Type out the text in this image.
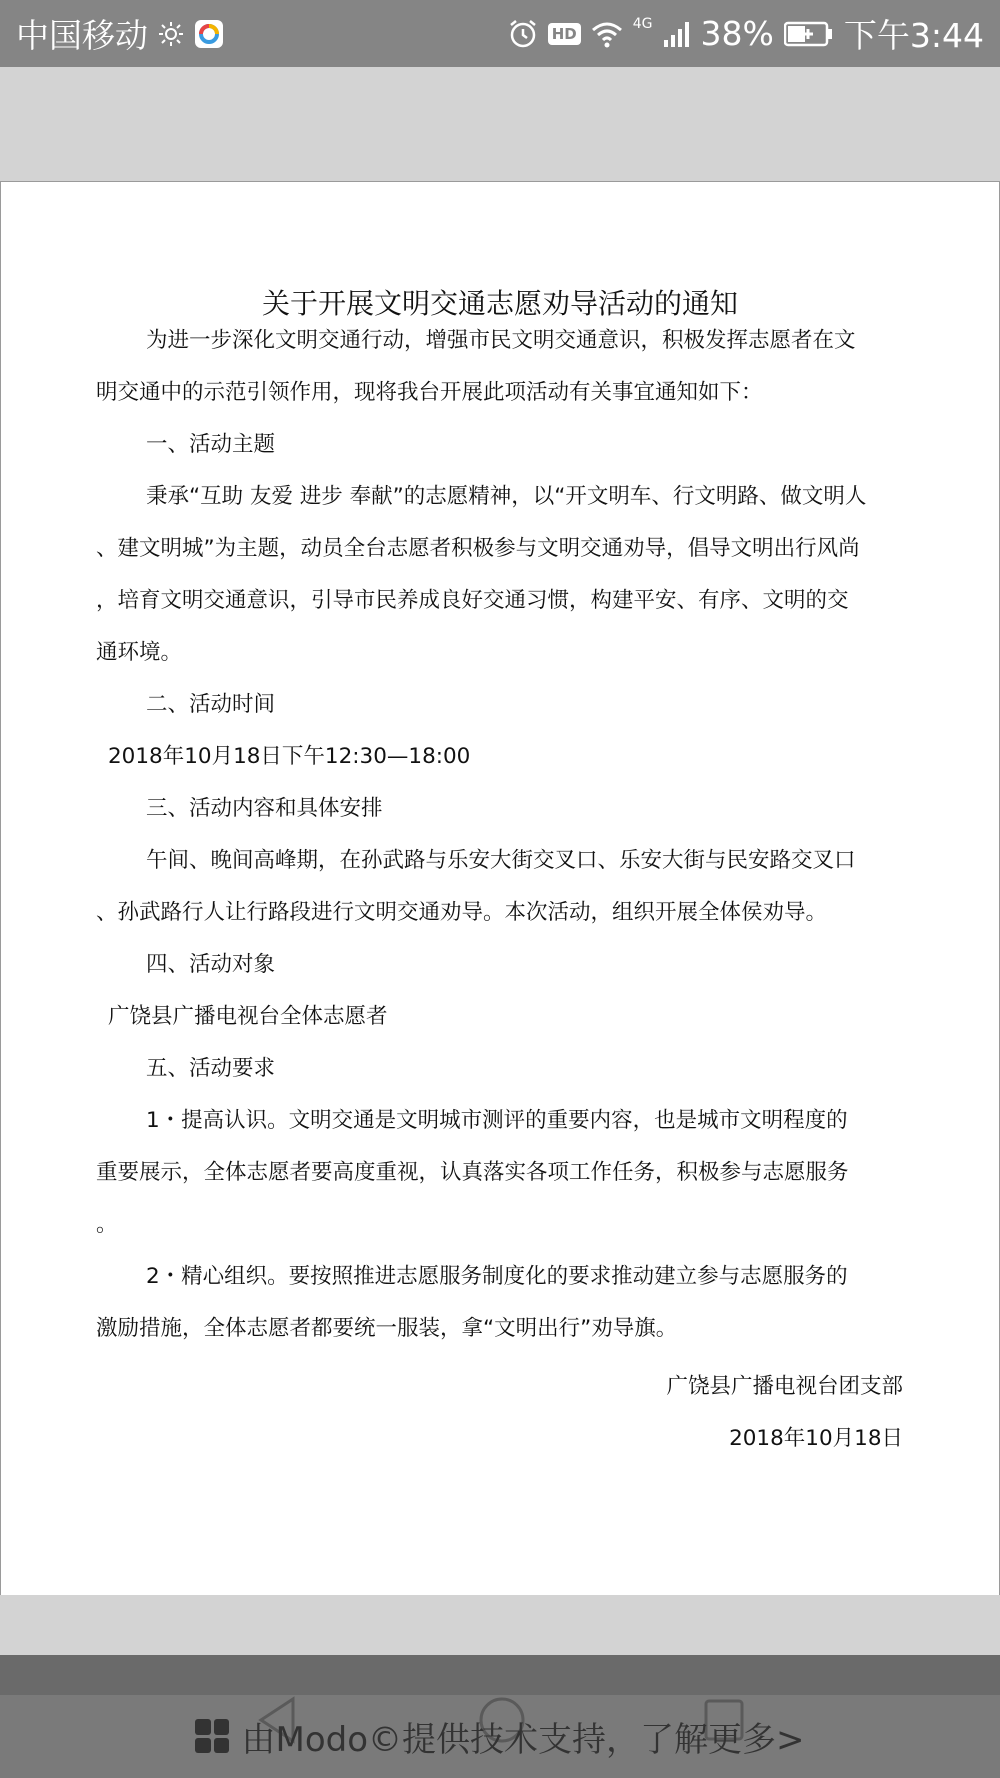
中国移动	HD
4G 38% 下午3:44
关于开展文明交通志愿劝导活动的通知
为进一步深化文明交通行动，增强市民文明交通意识，积极发挥志愿者在文
明交通中的示范引领作用，现将我台开展此项活动有关事宜通知如下：
一、活动主题
秉承“互助 友爱 进步 奉献”的志愿精神，以“开文明车、行文明路、做文明人
、建文明城”为主题，动员全台志愿者积极参与文明交通劝导，倡导文明出行风尚
，培育文明交通意识，引导市民养成良好交通习惯，构建平安、有序、文明的交
通环境。
二、活动时间
2018年10月18日下午12:30—18:00
三、活动内容和具体安排
午间、晚间高峰期，在孙武路与乐安大街交叉口、乐安大街与民安路交叉口
、孙武路行人让行路段进行文明交通劝导。本次活动，组织开展全体侯劝导。
四、活动对象
广饶县广播电视台全体志愿者
五、活动要求
1・提高认识。文明交通是文明城市测评的重要内容，也是城市文明程度的
重要展示，全体志愿者要高度重视，认真落实各项工作任务，积极参与志愿服务
。
2・精心组织。要按照推进志愿服务制度化的要求推动建立参与志愿服务的
激励措施，全体志愿者都要统一服装，拿“文明出行”劝导旗。
广饶县广播电视台团支部
2018年10月18日
由Modo©提供技术支持，了解更多>
